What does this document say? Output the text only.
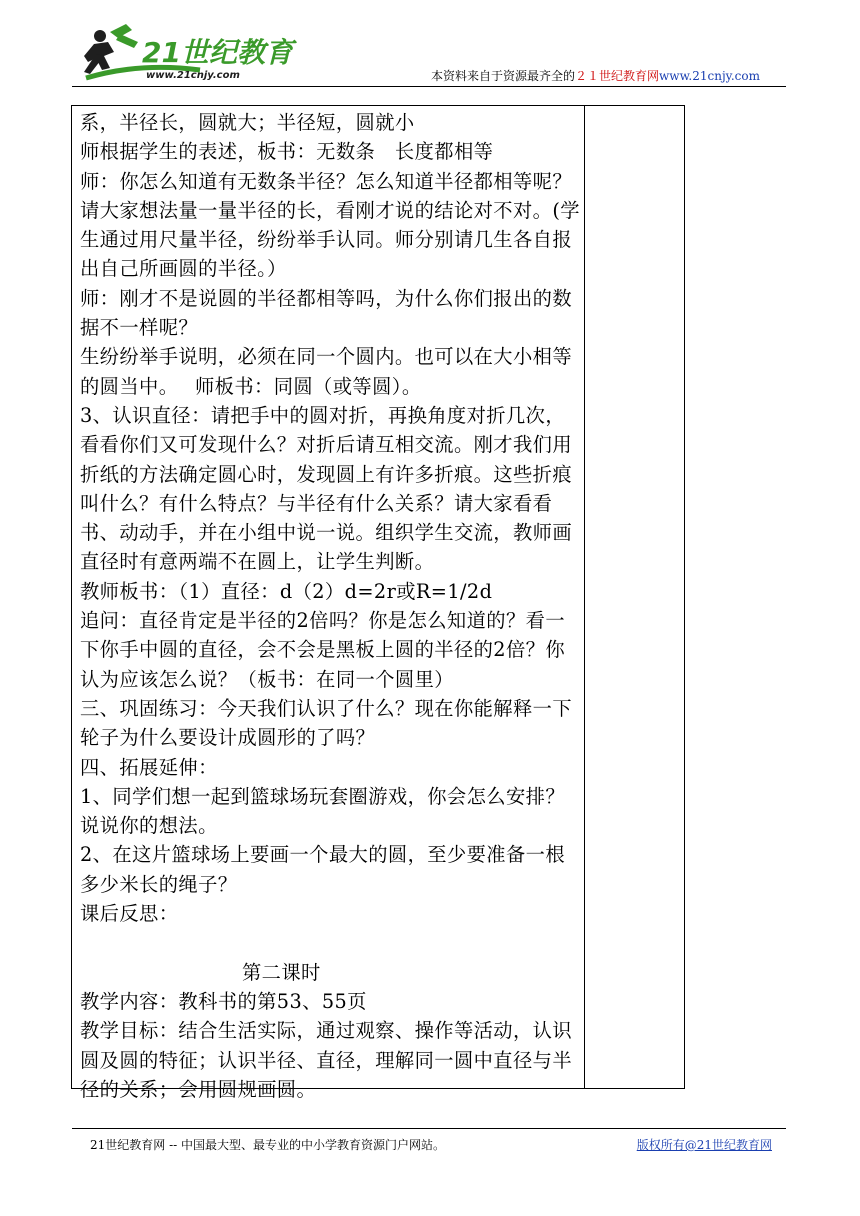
21世纪教育
www.21cnjy.com	本资料来自于资源最齐全的２１世纪教育网www.21cnjy.com

系，半径长，圆就大；半径短，圆就小

师根据学生的表述，板书：无数条　长度都相等

师：你怎么知道有无数条半径？怎么知道半径都相等呢？

请大家想法量一量半径的长，看刚才说的结论对不对。(学

生通过用尺量半径，纷纷举手认同。师分别请几生各自报

出自己所画圆的半径。）

师：刚才不是说圆的半径都相等吗，为什么你们报出的数

据不一样呢？

生纷纷举手说明，必须在同一个圆内。也可以在大小相等

的圆当中。　 师板书：同圆（或等圆）。

3、认识直径：请把手中的圆对折，再换角度对折几次，

看看你们又可发现什么？对折后请互相交流。刚才我们用

折纸的方法确定圆心时，发现圆上有许多折痕。这些折痕

叫什么？有什么特点？与半径有什么关系？请大家看看

书、动动手，并在小组中说一说。组织学生交流，教师画

直径时有意两端不在圆上，让学生判断。

教师板书：（1）直径：d（2）d=2r或R=1/2d

追问：直径肯定是半径的2倍吗？你是怎么知道的？看一

下你手中圆的直径，会不会是黑板上圆的半径的2倍？你

认为应该怎么说？（板书：在同一个圆里）

三、巩固练习：今天我们认识了什么？现在你能解释一下

轮子为什么要设计成圆形的了吗？

四、拓展延伸：

1、同学们想一起到篮球场玩套圈游戏，你会怎么安排？

说说你的想法。

2、在这片篮球场上要画一个最大的圆，至少要准备一根

多少米长的绳子？

课后反思：

第二课时

教学内容：教科书的第53、55页

教学目标：结合生活实际，通过观察、操作等活动，认识

圆及圆的特征；认识半径、直径，理解同一圆中直径与半

径的关系；会用圆规画圆。

21世纪教育网 -- 中国最大型、最专业的中小学教育资源门户网站。	版权所有@21世纪教育网
